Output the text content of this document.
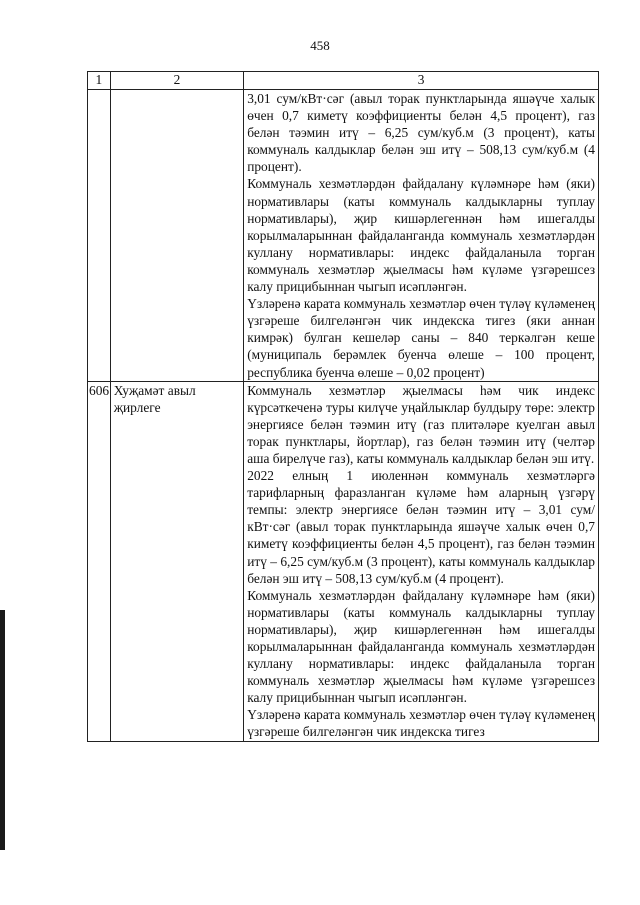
458
1	2	3

		3,01 сум/кВт·сәг (авыл торак пунктларында яшәүче халык өчен 0,7 киметү коэффициенты белән 4,5 процент), газ белән тәэмин итү – 6,25 сум/куб.м (3 процент), каты коммуналь калдыклар белән эш итү – 508,13 сум/куб.м (4 процент).

Коммуналь хезмәтләрдән файдалану күләмнәре һәм (яки) нормативлары (каты коммуналь калдыкларны туплау нормативлары), җир кишәрлегеннән һәм ишегалды корылмаларыннан файдаланганда коммуналь хезмәтләрдән куллану нормативлары: индекс файдаланыла торган коммуналь хезмәтләр җыелмасы һәм күләме үзгәрешсез калу прицибыннан чыгып исәпләнгән.

Үзләренә карата коммуналь хезмәтләр өчен түләү күләменең үзгәреше билгеләнгән чик индекска тигез (яки аннан кимрәк) булган кешеләр саны – 840 теркәлгән кеше (муниципаль берәмлек буенча өлеше – 100 процент, республика буенча өлеше – 0,02 процент)

606	Хуҗамәт авыл җирлеге	Коммуналь хезмәтләр җыелмасы һәм чик индекс күрсәткеченә туры килүче уңайлыклар булдыру төре: электр энергиясе белән тәэмин итү (газ плитәләре куелган авыл торак пунктлары, йортлар), газ белән тәэмин итү (челтәр аша бирелүче газ), каты коммуналь калдыклар белән эш итү.

2022 елның 1 июленнән коммуналь хезмәтләргә тарифларның фаразланган күләме һәм аларның үзгәрү темпы: электр энергиясе белән тәэмин итү – 3,01 сум/кВт·сәг (авыл торак пунктларында яшәүче халык өчен 0,7 киметү коэффициенты белән 4,5 процент), газ белән тәэмин итү – 6,25 сум/куб.м (3 процент), каты коммуналь калдыклар белән эш итү – 508,13 сум/куб.м (4 процент).

Коммуналь хезмәтләрдән файдалану күләмнәре һәм (яки) нормативлары (каты коммуналь калдыкларны туплау нормативлары), җир кишәрлегеннән һәм ишегалды корылмаларыннан файдаланганда коммуналь хезмәтләрдән куллану нормативлары: индекс файдаланыла торган коммуналь хезмәтләр җыелмасы һәм күләме үзгәрешсез калу прицибыннан чыгып исәпләнгән.

Үзләренә карата коммуналь хезмәтләр өчен түләү күләменең үзгәреше билгеләнгән чик индекска тигез
